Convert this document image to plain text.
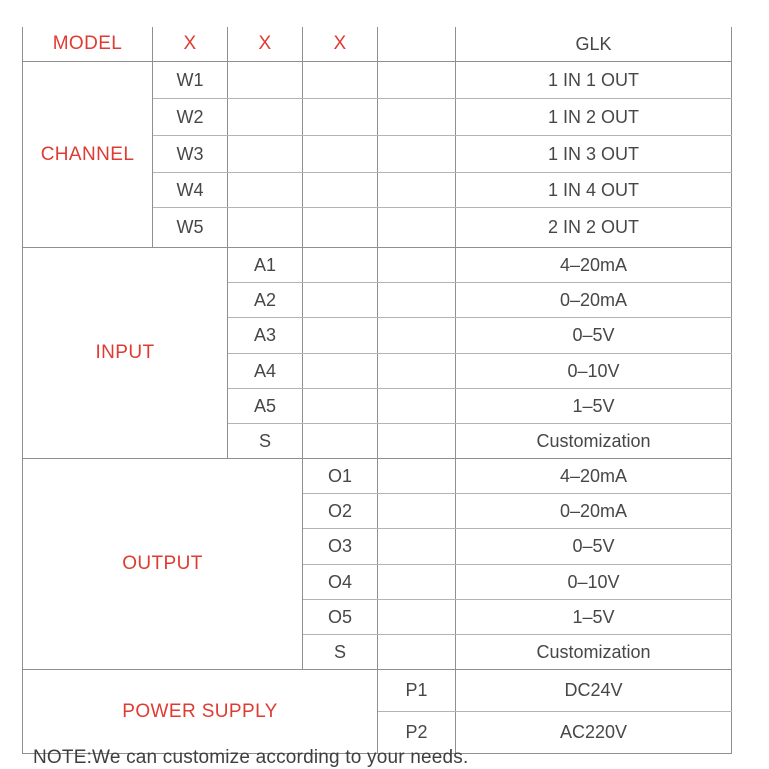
MODEL	X	X	X		GLK
CHANNEL	W1				1 IN 1 OUT
	W2				1 IN 2 OUT
	W3				1 IN 3 OUT
	W4				1 IN 4 OUT
	W5				2 IN 2 OUT
INPUT		A1			4–20mA
		A2			0–20mA
		A3			0–5V
		A4			0–10V
		A5			1–5V
		S			Customization
OUTPUT			O1		4–20mA
			O2		0–20mA
			O3		0–5V
			O4		0–10V
			O5		1–5V
			S		Customization
POWER SUPPLY				P1	DC24V
				P2	AC220V
NOTE:We can customize according to your needs.
